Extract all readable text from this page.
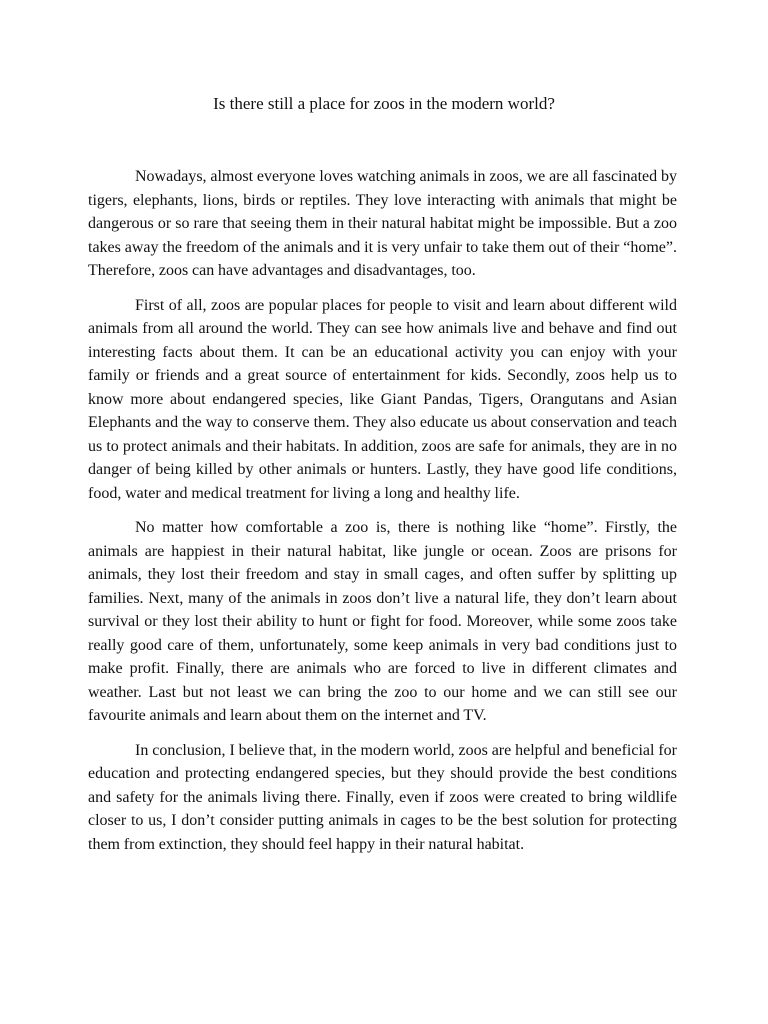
Is there still a place for zoos in the modern world?

Nowadays, almost everyone loves watching animals in zoos, we are all fascinated by tigers, elephants, lions, birds or reptiles. They love interacting with animals that might be dangerous or so rare that seeing them in their natural habitat might be impossible. But a zoo takes away the freedom of the animals and it is very unfair to take them out of their “home”. Therefore, zoos can have advantages and disadvantages, too.

First of all, zoos are popular places for people to visit and learn about different wild animals from all around the world. They can see how animals live and behave and find out interesting facts about them. It can be an educational activity you can enjoy with your family or friends and a great source of entertainment for kids. Secondly, zoos help us to know more about endangered species, like Giant Pandas, Tigers, Orangutans and Asian Elephants and the way to conserve them. They also educate us about conservation and teach us to protect animals and their habitats. In addition, zoos are safe for animals, they are in no danger of being killed by other animals or hunters. Lastly, they have good life conditions, food, water and medical treatment for living a long and healthy life.

No matter how comfortable a zoo is, there is nothing like “home”. Firstly, the animals are happiest in their natural habitat, like jungle or ocean. Zoos are prisons for animals, they lost their freedom and stay in small cages, and often suffer by splitting up families. Next, many of the animals in zoos don’t live a natural life, they don’t learn about survival or they lost their ability to hunt or fight for food. Moreover, while some zoos take really good care of them, unfortunately, some keep animals in very bad conditions just to make profit. Finally, there are animals who are forced to live in different climates and weather. Last but not least we can bring the zoo to our home and we can still see our favourite animals and learn about them on the internet and TV.

In conclusion, I believe that, in the modern world, zoos are helpful and beneficial for education and protecting endangered species, but they should provide the best conditions and safety for the animals living there. Finally, even if zoos were created to bring wildlife closer to us, I don’t consider putting animals in cages to be the best solution for protecting them from extinction, they should feel happy in their natural habitat.
